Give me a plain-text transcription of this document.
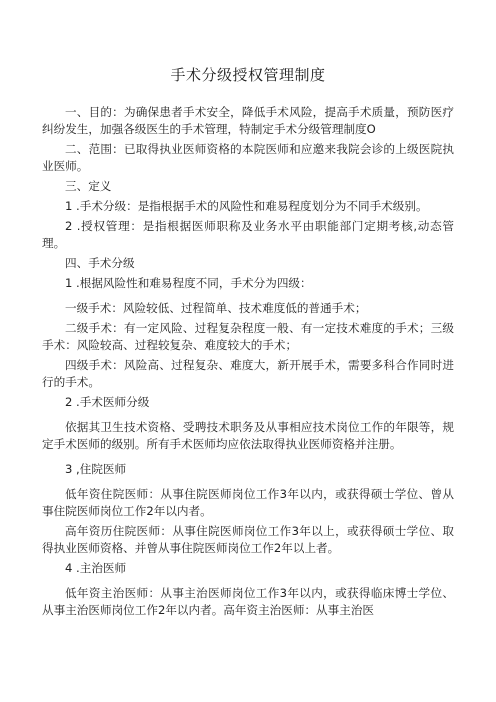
手术分级授权管理制度

一、目的：为确保患者手术安全，降低手术风险，提高手术质量，预防医疗纠纷发生，加强各级医生的手术管理，特制定手术分级管理制度O

二、范围：已取得执业医师资格的本院医师和应邀来我院会诊的上级医院执业医师。

三、定义

1 .手术分级：是指根据手术的风险性和难易程度划分为不同手术级别。

2 .授权管理：是指根据医师职称及业务水平由职能部门定期考核,动态管理。

四、手术分级

1 .根据风险性和难易程度不同，手术分为四级：

一级手术：风险较低、过程简单、技术难度低的普通手术；

二级手术：有一定风险、过程复杂程度一般、有一定技术难度的手术；三级手术：风险较高、过程较复杂、难度较大的手术；

四级手术：风险高、过程复杂、难度大，新开展手术，需要多科合作同时进行的手术。

2 .手术医师分级

依据其卫生技术资格、受聘技术职务及从事相应技术岗位工作的年限等，规定手术医师的级别。所有手术医师均应依法取得执业医师资格并注册。

3 ,住院医师

低年资住院医师：从事住院医师岗位工作3年以内，或获得硕士学位、曾从事住院医师岗位工作2年以内者。

高年资历住院医师：从事住院医师岗位工作3年以上，或获得硕士学位、取得执业医师资格、并曾从事住院医师岗位工作2年以上者。

4 .主治医师

低年资主治医师：从事主治医师岗位工作3年以内，或获得临床博士学位、从事主治医师岗位工作2年以内者。高年资主治医师：从事主治医
